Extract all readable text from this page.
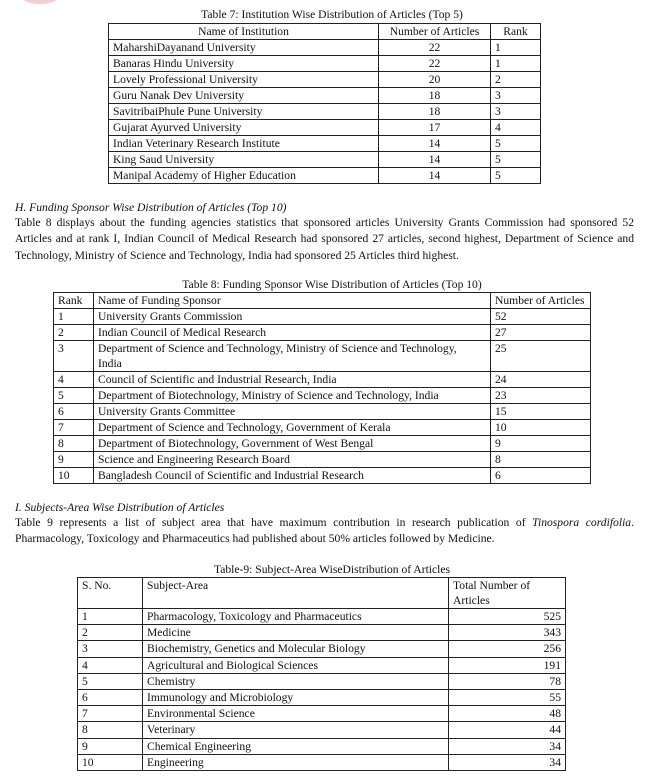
Table 7: Institution Wise Distribution of Articles (Top 5)
Name of Institution	Number of Articles	Rank
MaharshiDayanand University	22	1
Banaras Hindu University	22	1
Lovely Professional University	20	2
Guru Nanak Dev University	18	3
SavitribaiPhule Pune University	18	3
Gujarat Ayurved University	17	4
Indian Veterinary Research Institute	14	5
King Saud University	14	5
Manipal Academy of Higher Education	14	5
H. Funding Sponsor Wise Distribution of Articles (Top 10)
Table 8 displays about the funding agencies statistics that sponsored articles University Grants Commission had sponsored 52 Articles and at rank I, Indian Council of Medical Research had sponsored 27 articles, second highest, Department of Science and Technology, Ministry of Science and Technology, India had sponsored 25 Articles third highest.
Table 8: Funding Sponsor Wise Distribution of Articles (Top 10)
Rank	Name of Funding Sponsor	Number of Articles
1	University Grants Commission	52
2	Indian Council of Medical Research	27
3	Department of Science and Technology, Ministry of Science and Technology, India	25
4	Council of Scientific and Industrial Research, India	24
5	Department of Biotechnology, Ministry of Science and Technology, India	23
6	University Grants Committee	15
7	Department of Science and Technology, Government of Kerala	10
8	Department of Biotechnology, Government of West Bengal	9
9	Science and Engineering Research Board	8
10	Bangladesh Council of Scientific and Industrial Research	6
I. Subjects-Area Wise Distribution of Articles
Table 9 represents a list of subject area that have maximum contribution in research publication of Tinospora cordifolia. Pharmacology, Toxicology and Pharmaceutics had published about 50% articles followed by Medicine.
Table-9: Subject-Area WiseDistribution of Articles
S. No.	Subject-Area	Total Number of Articles
1	Pharmacology, Toxicology and Pharmaceutics	525
2	Medicine	343
3	Biochemistry, Genetics and Molecular Biology	256
4	Agricultural and Biological Sciences	191
5	Chemistry	78
6	Immunology and Microbiology	55
7	Environmental Science	48
8	Veterinary	44
9	Chemical Engineering	34
10	Engineering	34
